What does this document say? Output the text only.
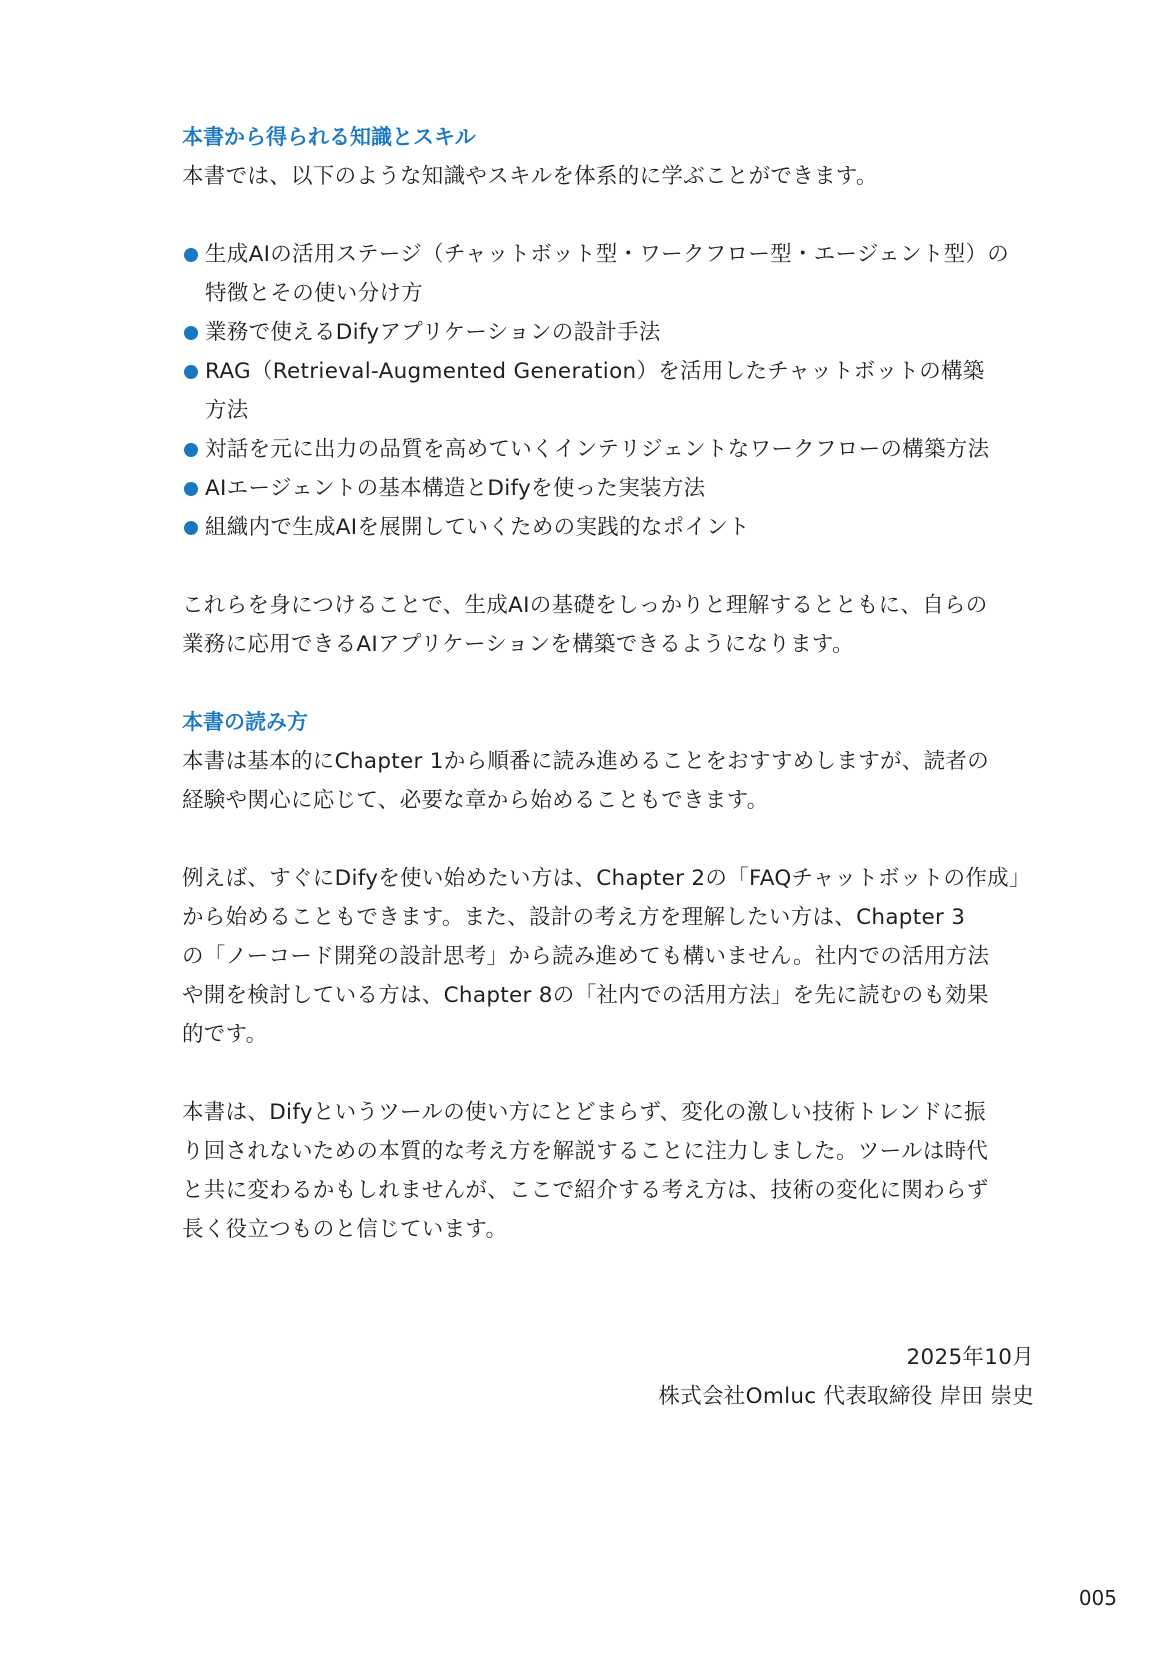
本書から得られる知識とスキル
本書では、以下のような知識やスキルを体系的に学ぶことができます。
生成AIの活用ステージ（チャットボット型・ワークフロー型・エージェント型）の
特徴とその使い分け方
業務で使えるDifyアプリケーションの設計手法
RAG（Retrieval-Augmented Generation）を活用したチャットボットの構築
方法
対話を元に出力の品質を高めていくインテリジェントなワークフローの構築方法
AIエージェントの基本構造とDifyを使った実装方法
組織内で生成AIを展開していくための実践的なポイント
これらを身につけることで、生成AIの基礎をしっかりと理解するとともに、自らの
業務に応用できるAIアプリケーションを構築できるようになります。
本書の読み方
本書は基本的にChapter 1から順番に読み進めることをおすすめしますが、読者の
経験や関心に応じて、必要な章から始めることもできます。
例えば、すぐにDifyを使い始めたい方は、Chapter 2の「FAQチャットボットの作成」
から始めることもできます。また、設計の考え方を理解したい方は、Chapter 3
の「ノーコード開発の設計思考」から読み進めても構いません。社内での活用方法
や開を検討している方は、Chapter 8の「社内での活用方法」を先に読むのも効果
的です。
本書は、Difyというツールの使い方にとどまらず、変化の激しい技術トレンドに振
り回されないための本質的な考え方を解説することに注力しました。ツールは時代
と共に変わるかもしれませんが、ここで紹介する考え方は、技術の変化に関わらず
長く役立つものと信じています。
2025年10月
株式会社Omluc 代表取締役 岸田 崇史
005
